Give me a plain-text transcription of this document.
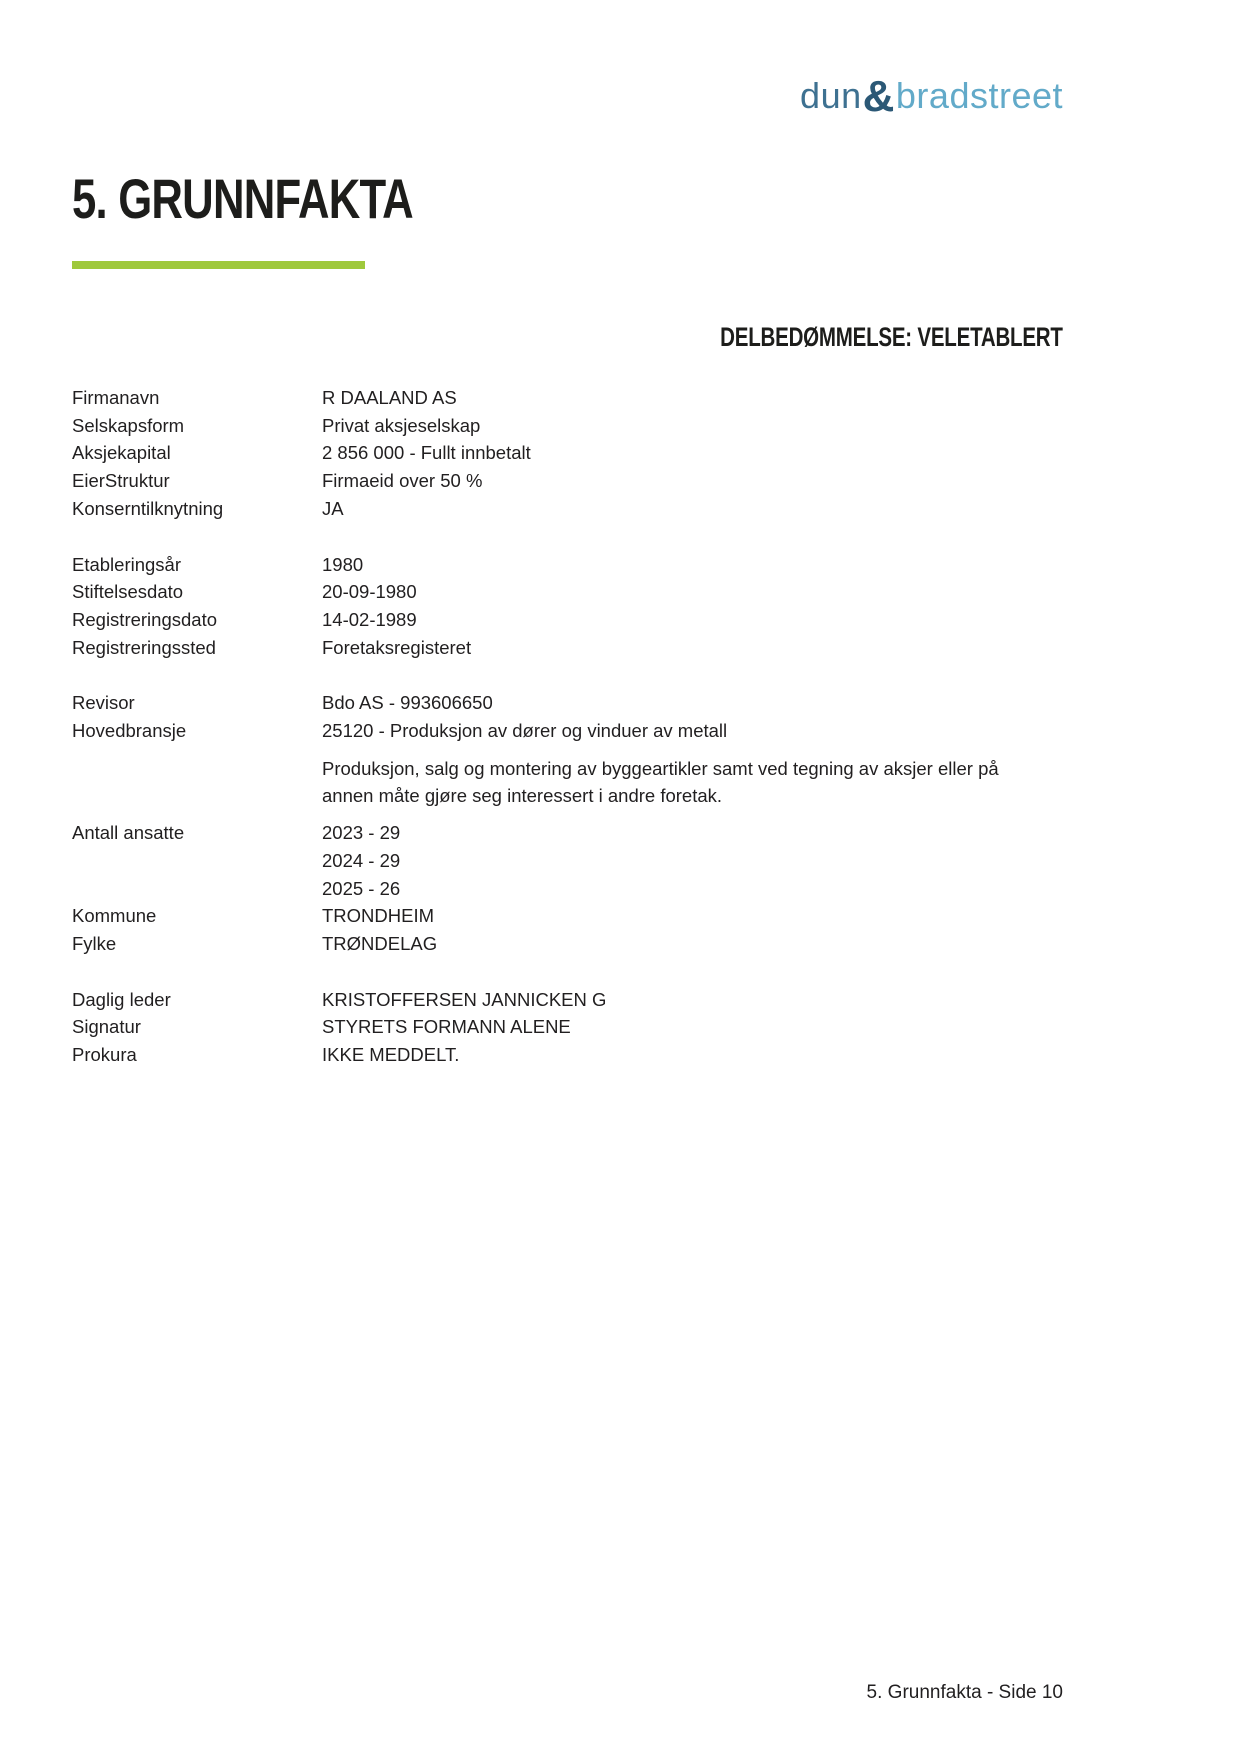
dun&bradstreet
5. GRUNNFAKTA
DELBEDØMMELSE: VELETABLERT
Firmanavn	R DAALAND AS
Selskapsform	Privat aksjeselskap
Aksjekapital	2 856 000 - Fullt innbetalt
EierStruktur	Firmaeid over 50 %
Konserntilknytning	JA
Etableringsår	1980
Stiftelsesdato	20-09-1980
Registreringsdato	14-02-1989
Registreringssted	Foretaksregisteret
Revisor	Bdo AS - 993606650
Hovedbransje	25120 - Produksjon av dører og vinduer av metall
Produksjon, salg og montering av byggeartikler samt ved tegning av aksjer eller på annen måte gjøre seg interessert i andre foretak.
Antall ansatte	2023 - 29
2024 - 29
2025 - 26
Kommune	TRONDHEIM
Fylke	TRØNDELAG
Daglig leder	KRISTOFFERSEN JANNICKEN G
Signatur	STYRETS FORMANN ALENE
Prokura	IKKE MEDDELT.
5. Grunnfakta - Side 10
